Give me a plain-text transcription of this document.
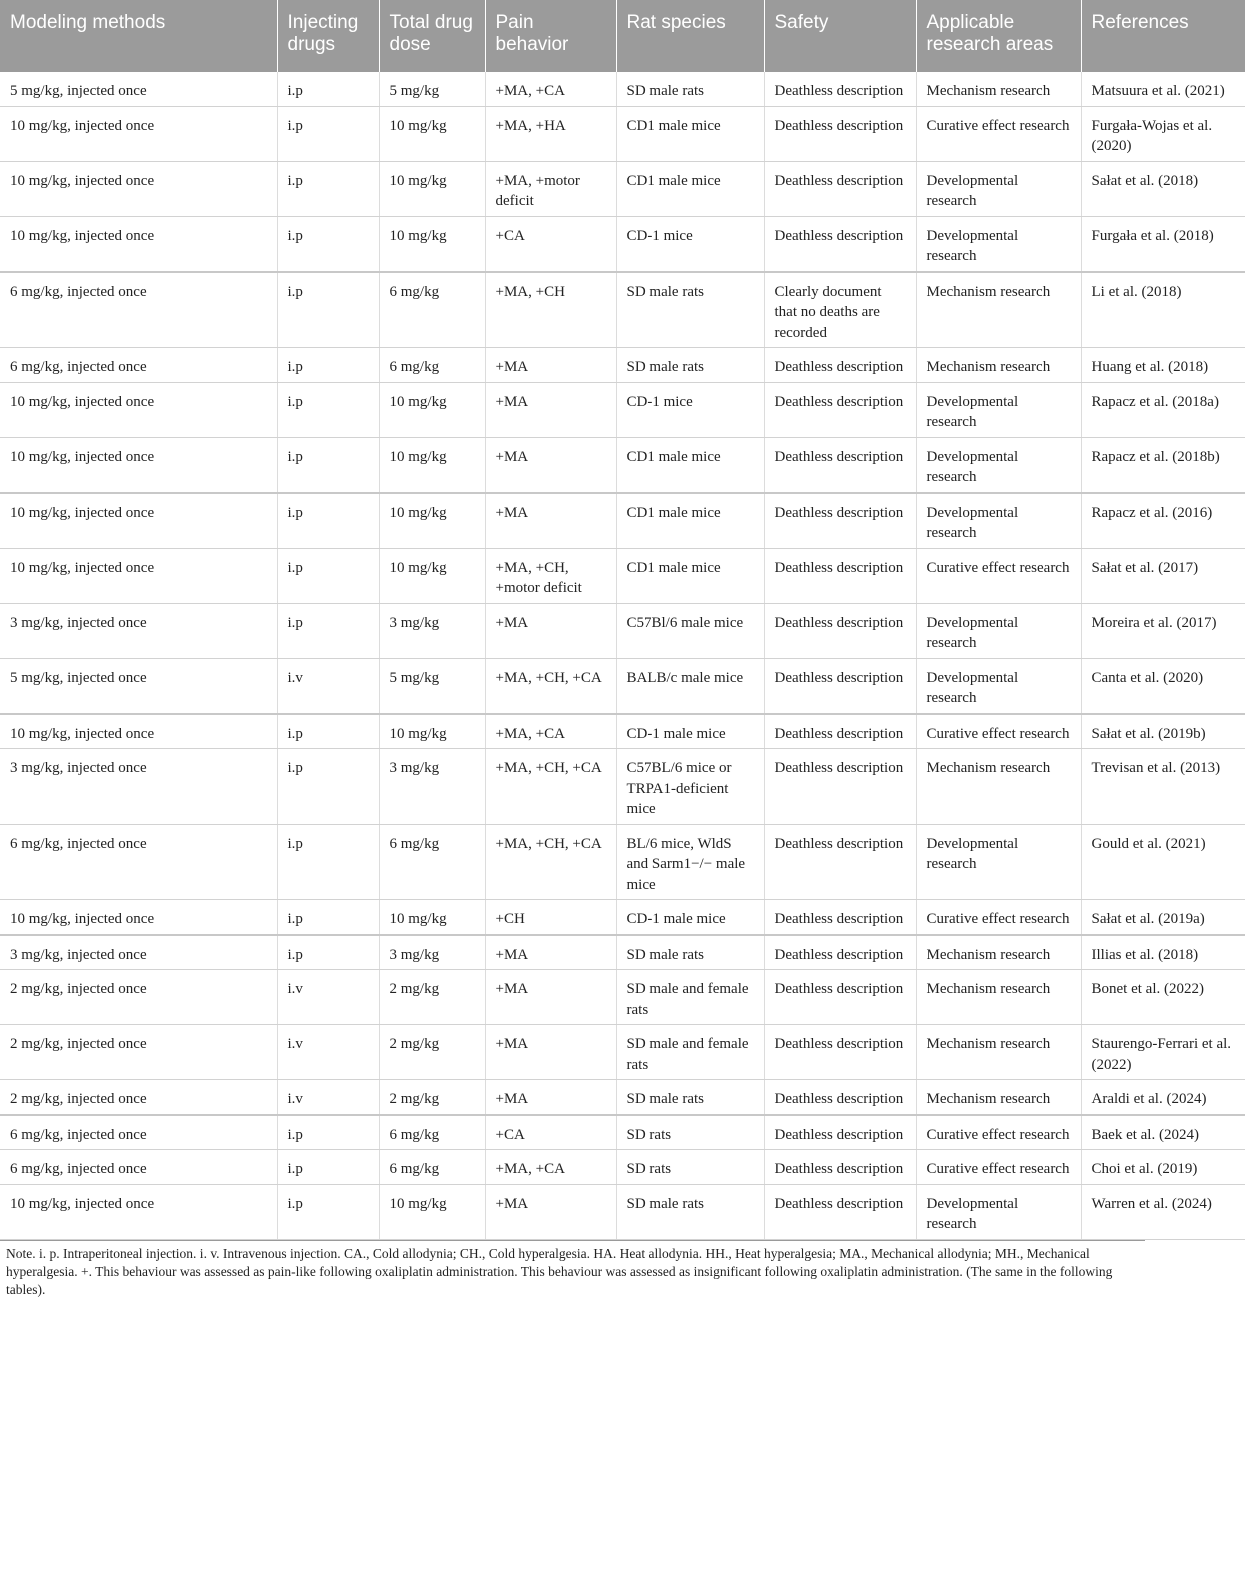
Modeling methods	Injecting drugs	Total drug dose	Pain behavior	Rat species	Safety	Applicable research areas	References
5 mg/kg, injected once	i.p	5 mg/kg	+MA, +CA	SD male rats	Deathless description	Mechanism research	Matsuura et al. (2021)
10 mg/kg, injected once	i.p	10 mg/kg	+MA, +HA	CD1 male mice	Deathless description	Curative effect research	Furgała-Wojas et al. (2020)
10 mg/kg, injected once	i.p	10 mg/kg	+MA, +motor deficit	CD1 male mice	Deathless description	Developmental research	Sałat et al. (2018)
10 mg/kg, injected once	i.p	10 mg/kg	+CA	CD-1 mice	Deathless description	Developmental research	Furgała et al. (2018)
6 mg/kg, injected once	i.p	6 mg/kg	+MA, +CH	SD male rats	Clearly document that no deaths are recorded	Mechanism research	Li et al. (2018)
6 mg/kg, injected once	i.p	6 mg/kg	+MA	SD male rats	Deathless description	Mechanism research	Huang et al. (2018)
10 mg/kg, injected once	i.p	10 mg/kg	+MA	CD-1 mice	Deathless description	Developmental research	Rapacz et al. (2018a)
10 mg/kg, injected once	i.p	10 mg/kg	+MA	CD1 male mice	Deathless description	Developmental research	Rapacz et al. (2018b)
10 mg/kg, injected once	i.p	10 mg/kg	+MA	CD1 male mice	Deathless description	Developmental research	Rapacz et al. (2016)
10 mg/kg, injected once	i.p	10 mg/kg	+MA, +CH, +motor deficit	CD1 male mice	Deathless description	Curative effect research	Sałat et al. (2017)
3 mg/kg, injected once	i.p	3 mg/kg	+MA	C57Bl/6 male mice	Deathless description	Developmental research	Moreira et al. (2017)
5 mg/kg, injected once	i.v	5 mg/kg	+MA, +CH, +CA	BALB/c male mice	Deathless description	Developmental research	Canta et al. (2020)
10 mg/kg, injected once	i.p	10 mg/kg	+MA, +CA	CD-1 male mice	Deathless description	Curative effect research	Sałat et al. (2019b)
3 mg/kg, injected once	i.p	3 mg/kg	+MA, +CH, +CA	C57BL/6 mice or TRPA1-deficient mice	Deathless description	Mechanism research	Trevisan et al. (2013)
6 mg/kg, injected once	i.p	6 mg/kg	+MA, +CH, +CA	BL/6 mice, WldS and Sarm1−/− male mice	Deathless description	Developmental research	Gould et al. (2021)
10 mg/kg, injected once	i.p	10 mg/kg	+CH	CD-1 male mice	Deathless description	Curative effect research	Sałat et al. (2019a)
3 mg/kg, injected once	i.p	3 mg/kg	+MA	SD male rats	Deathless description	Mechanism research	Illias et al. (2018)
2 mg/kg, injected once	i.v	2 mg/kg	+MA	SD male and female rats	Deathless description	Mechanism research	Bonet et al. (2022)
2 mg/kg, injected once	i.v	2 mg/kg	+MA	SD male and female rats	Deathless description	Mechanism research	Staurengo-Ferrari et al. (2022)
2 mg/kg, injected once	i.v	2 mg/kg	+MA	SD male rats	Deathless description	Mechanism research	Araldi et al. (2024)
6 mg/kg, injected once	i.p	6 mg/kg	+CA	SD rats	Deathless description	Curative effect research	Baek et al. (2024)
6 mg/kg, injected once	i.p	6 mg/kg	+MA, +CA	SD rats	Deathless description	Curative effect research	Choi et al. (2019)
10 mg/kg, injected once	i.p	10 mg/kg	+MA	SD male rats	Deathless description	Developmental research	Warren et al. (2024)
Note. i. p. Intraperitoneal injection. i. v. Intravenous injection. CA., Cold allodynia; CH., Cold hyperalgesia. HA. Heat allodynia. HH., Heat hyperalgesia; MA., Mechanical allodynia; MH., Mechanical hyperalgesia. +. This behaviour was assessed as pain-like following oxaliplatin administration. This behaviour was assessed as insignificant following oxaliplatin administration. (The same in the following tables).
